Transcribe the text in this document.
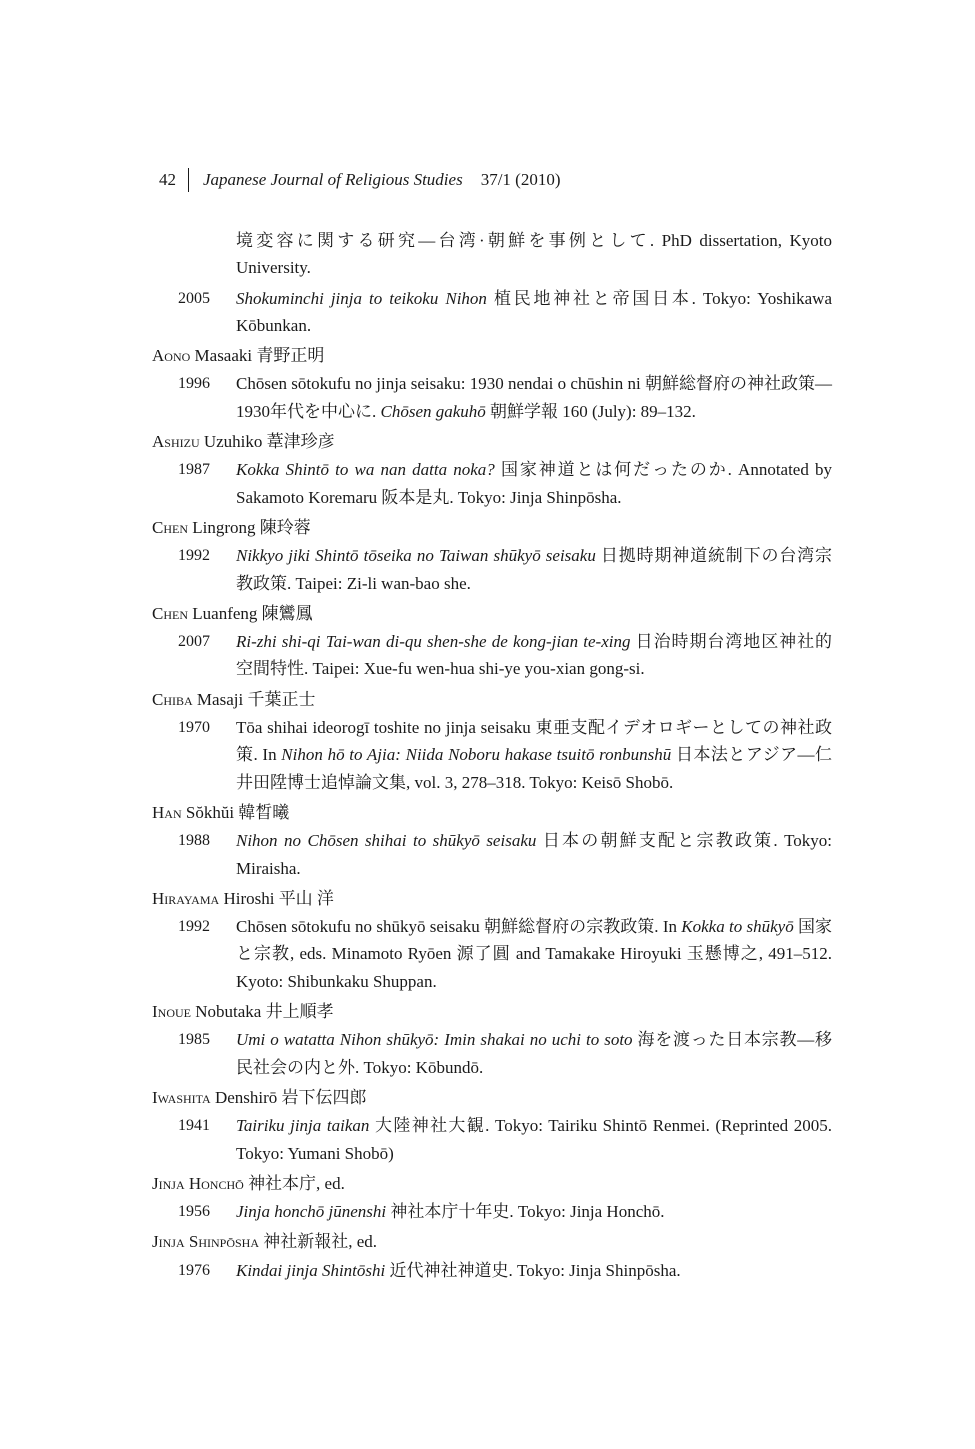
42 Japanese Journal of Religious Studies 37/1 (2010)
境変容に関する研究—台湾·朝鮮を事例として. PhD dissertation, Kyoto University.
2005	Shokuminchi jinja to teikoku Nihon 植民地神社と帝国日本. Tokyo: Yoshikawa Kōbunkan.
Aono Masaaki 青野正明
1996	Chōsen sōtokufu no jinja seisaku: 1930 nendai o chūshin ni 朝鮮総督府の神社政策—1930年代を中心に. Chōsen gakuhō 朝鮮学報 160 (July): 89–132.
Ashizu Uzuhiko 葦津珍彦
1987	Kokka Shintō to wa nan datta noka? 国家神道とは何だったのか. Annotated by Sakamoto Koremaru 阪本是丸. Tokyo: Jinja Shinpōsha.
Chen Lingrong 陳玲蓉
1992	Nikkyo jiki Shintō tōseika no Taiwan shūkyō seisaku 日拠時期神道統制下の台湾宗教政策. Taipei: Zi-li wan-bao she.
Chen Luanfeng 陳鸞鳳
2007	Ri-zhi shi-qi Tai-wan di-qu shen-she de kong-jian te-xing 日治時期台湾地区神社的空間特性. Taipei: Xue-fu wen-hua shi-ye you-xian gong-si.
Chiba Masaji 千葉正士
1970	Tōa shihai ideorogī toshite no jinja seisaku 東亜支配イデオロギーとしての神社政策. In Nihon hō to Ajia: Niida Noboru hakase tsuitō ronbunshū 日本法とアジア—仁井田陞博士追悼論文集, vol. 3, 278–318. Tokyo: Keisō Shobō.
Han Sŏkhŭi 韓晳曦
1988	Nihon no Chōsen shihai to shūkyō seisaku 日本の朝鮮支配と宗教政策. Tokyo: Miraisha.
Hirayama Hiroshi 平山 洋
1992	Chōsen sōtokufu no shūkyō seisaku 朝鮮総督府の宗教政策. In Kokka to shūkyō 国家と宗教, eds. Minamoto Ryōen 源了圓 and Tamakake Hiroyuki 玉懸博之, 491–512. Kyoto: Shibunkaku Shuppan.
Inoue Nobutaka 井上順孝
1985	Umi o watatta Nihon shūkyō: Imin shakai no uchi to soto 海を渡った日本宗教—移民社会の内と外. Tokyo: Kōbundō.
Iwashita Denshirō 岩下伝四郎
1941	Tairiku jinja taikan 大陸神社大観. Tokyo: Tairiku Shintō Renmei. (Reprinted 2005. Tokyo: Yumani Shobō)
Jinja Honchō 神社本庁, ed.
1956	Jinja honchō jūnenshi 神社本庁十年史. Tokyo: Jinja Honchō.
Jinja Shinpōsha 神社新報社, ed.
1976	Kindai jinja Shintōshi 近代神社神道史. Tokyo: Jinja Shinpōsha.
